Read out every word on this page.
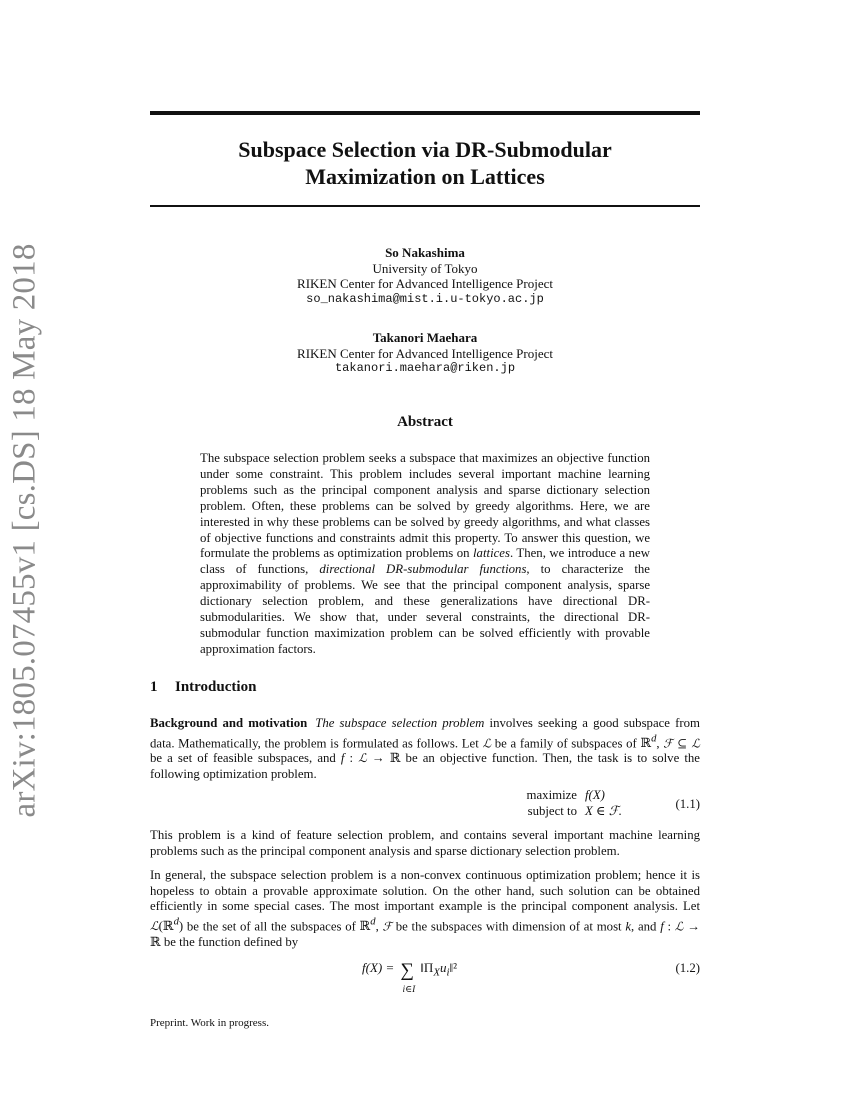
arXiv:1805.07455v1 [cs.DS] 18 May 2018
Subspace Selection via DR-Submodular
Maximization on Lattices
So Nakashima
University of Tokyo
RIKEN Center for Advanced Intelligence Project
so_nakashima@mist.i.u-tokyo.ac.jp
Takanori Maehara
RIKEN Center for Advanced Intelligence Project
takanori.maehara@riken.jp
Abstract

The subspace selection problem seeks a subspace that maximizes an objective function under some constraint. This problem includes several important machine learning problems such as the principal component analysis and sparse dictionary selection problem. Often, these problems can be solved by greedy algorithms. Here, we are interested in why these problems can be solved by greedy algorithms, and what classes of objective functions and constraints admit this property. To answer this question, we formulate the problems as optimization problems on lattices. Then, we introduce a new class of functions, directional DR-submodular functions, to characterize the approximability of problems. We see that the principal component analysis, sparse dictionary selection problem, and these generalizations have directional DR-submodularities. We show that, under several constraints, the directional DR-submodular function maximization problem can be solved efficiently with provable approximation factors.

1 Introduction

Background and motivation The subspace selection problem involves seeking a good subspace from data. Mathematically, the problem is formulated as follows. Let ℒ be a family of subspaces of ℝ$^d$, ℱ ⊆ ℒ be a set of feasible subspaces, and f : ℒ → ℝ be an objective function. Then, the task is to solve the following optimization problem.

maximize f(X)
subject to X ∈ ℱ.	(1.1)

This problem is a kind of feature selection problem, and contains several important machine learning problems such as the principal component analysis and sparse dictionary selection problem.

In general, the subspace selection problem is a non-convex continuous optimization problem; hence it is hopeless to obtain a provable approximate solution. On the other hand, such solution can be obtained efficiently in some special cases. The most important example is the principal component analysis. Let ℒ(ℝ$^d$) be the set of all the subspaces of ℝ$^d$, ℱ be the subspaces with dimension of at most k, and f : ℒ → ℝ be the function defined by

f(X) = ∑
i∈I
$‖\Pi_Xu_i‖^2$	(1.2)
Preprint. Work in progress.
